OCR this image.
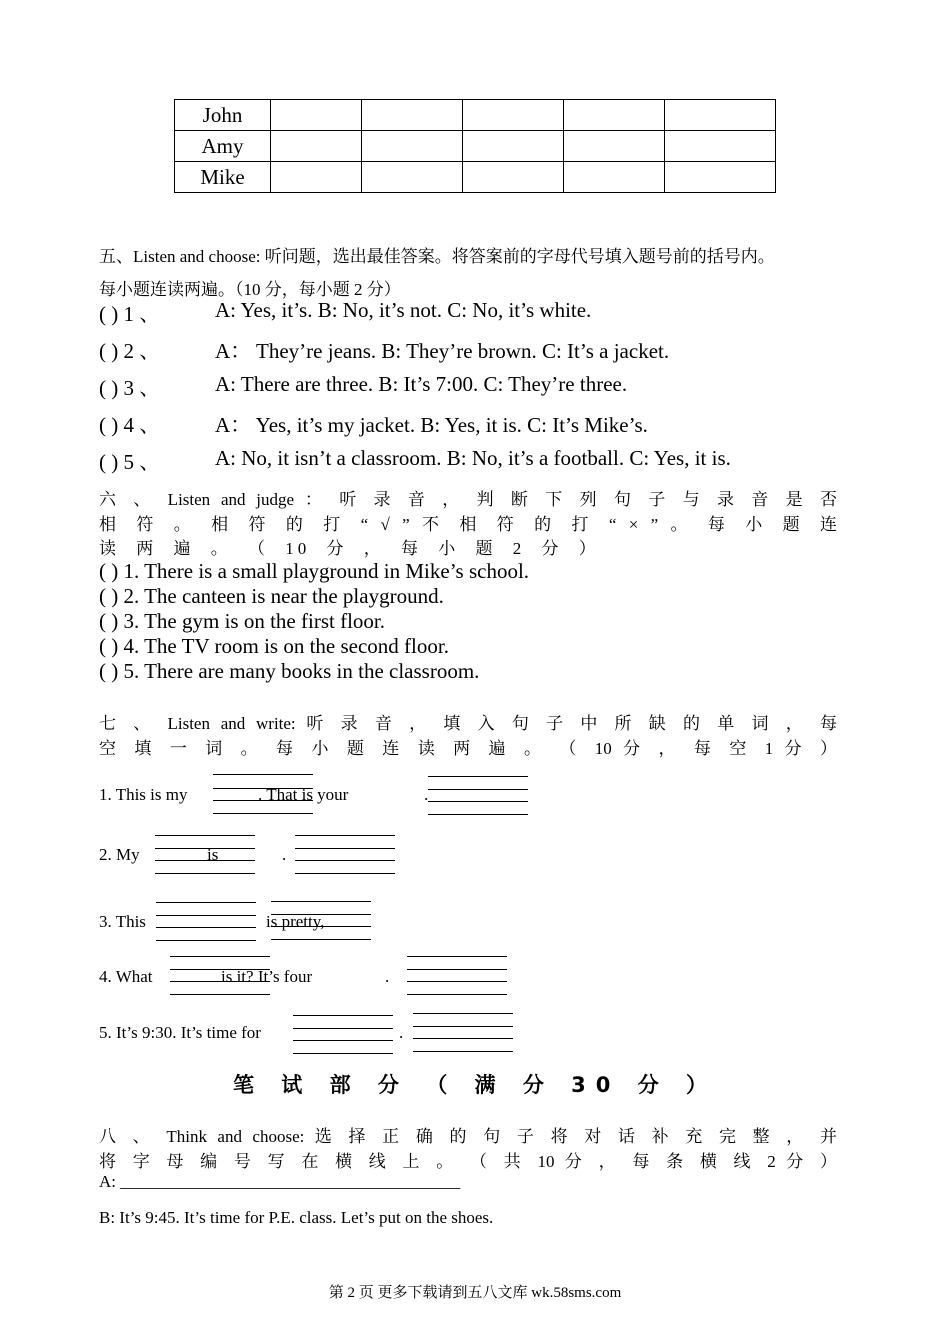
John					
Amy					
Mike					
五、Listen and choose: 听问题，选出最佳答案。将答案前的字母代号填入题号前的括号内。
每小题连读两遍。（10 分，每小题 2 分）
( ) 1 、	A: Yes, it’s. B: No, it’s not. C: No, it’s white.
( ) 2 、	A： They’re jeans. B: They’re brown. C: It’s a jacket.
( ) 3 、	A: There are three. B: It’s 7:00. C: They’re three.
( ) 4 、	A： Yes, it’s my jacket. B: Yes, it is. C: It’s Mike’s.
( ) 5 、	A: No, it isn’t a classroom. B: No, it’s a football. C: Yes, it is.
六 、 Listen and judge ： 听 录 音 ， 判 断 下 列 句 子 与 录 音 是 否
相 符 。 相 符 的 打 “ √ ” 不 相 符 的 打 “ × ” 。 每 小 题 连
读 两 遍 。 （ 10 分 ， 每 小 题 2 分 ）
( ) 1. There is a small playground in Mike’s school.
( ) 2. The canteen is near the playground.
( ) 3. The gym is on the first floor.
( ) 4. The TV room is on the second floor.
( ) 5. There are many books in the classroom.
七 、 Listen and write: 听 录 音 ， 填 入 句 子 中 所 缺 的 单 词 ， 每
空 填 一 词 。 每 小 题 连 读 两 遍 。 （ 10 分 ， 每 空 1 分 ）
1. This is my	. That is your	.
2. My	is	.
3. This	is pretty,
4. What	is it? It’s four	.
5. It’s 9:30. It’s time for	.
笔 试 部 分 （ 满 分 30 分 ）
八 、 Think and choose: 选 择 正 确 的 句 子 将 对 话 补 充 完 整 ， 并
将 字 母 编 号 写 在 横 线 上 。 （ 共 10 分 ， 每 条 横 线 2 分 ）
A: ________________________________________
B: It’s 9:45. It’s time for P.E. class. Let’s put on the shoes.
第 2 页 更多下载请到五八文库 wk.58sms.com
